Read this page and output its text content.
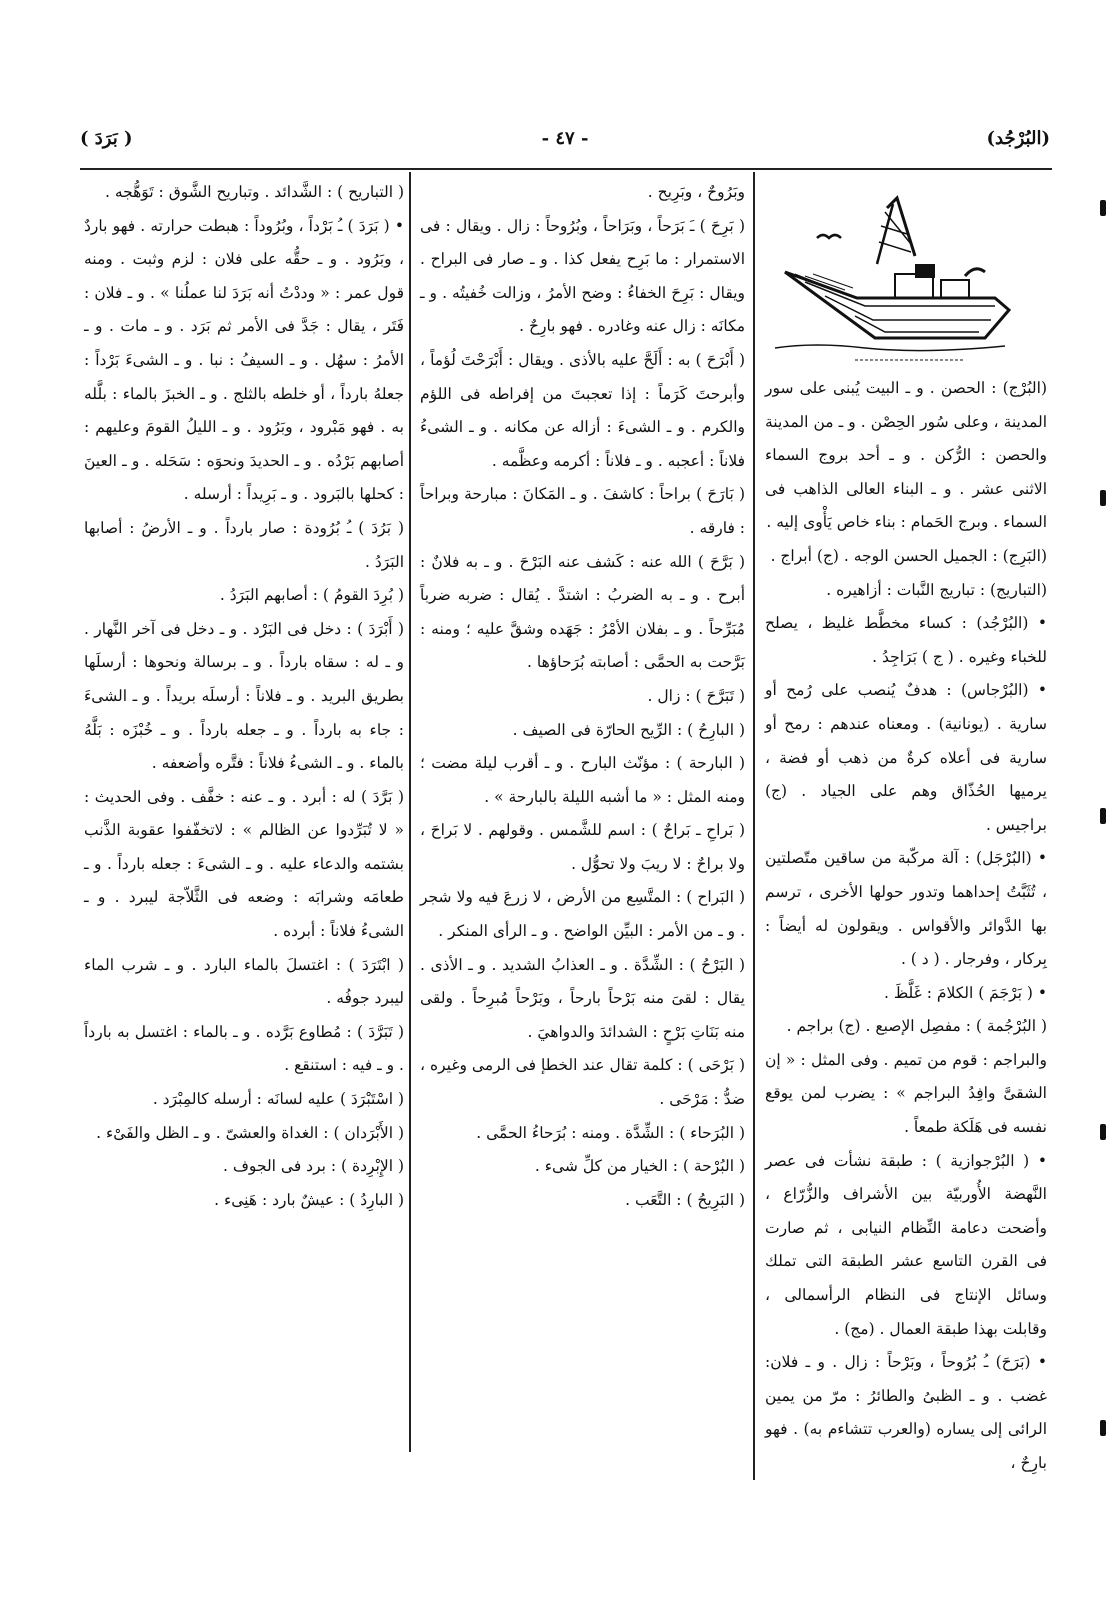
(البُرْجُد)
- ٤٧ -
( بَرَدَ )

(البُرْج) : الحصن . و ـ البيت يُبنى على سور المدينة ، وعلى سُور الحِصْن . و ـ من المدينة والحصن : الرُّكن . و ـ أحد بروج السماء الاثنى عشر . و ـ البناء العالى الذاهب فى السماء . وبرج الحَمام : بناء خاص يَأْوى إليه .

(البَرِج) : الجميل الحسن الوجه . (ج) أبراج .

(التباريج) : تباريج النَّبات : أزاهيره .

• (البُرْجُد) : كساء مخطَّط غليظ ، يصلح للخباء وغيره . ( ج ) بَرَاجِدُ .

• (البُرْجاس) : هدفٌ يُنصب على رُمح أو سارية . (يونانية) . ومعناه عندهم : رمح أو سارية فى أعلاه كرةٌ من ذهب أو فضة ، يرميها الحُذّاق وهم على الجياد . (ج) براجيس .

• (البُرْجَل) : آلة مركّبة من ساقين متّصلتين ، تُثَبَّتُ إحداهما وتدور حولها الأخرى ، ترسم بها الدَّوائر والأقواس . ويقولون له أيضاً : بِركار ، وفرجار . ( د ) .

• ( بَرْجَمَ ) الكلامَ : غَلَّظَ .

( البُرْجُمة ) : مفصِل الإصبع . (ج) براجم .

والبراجم : قوم من تميم . وفى المثل : « إن الشقىَّ وافِدُ البراجم » : يضرب لمن يوقع نفسه فى هَلَكة طمعاً .

• ( البُرْجوازية ) : طبقة نشأت فى عصر النَّهضة الأُوربيّة بين الأشراف والزُّرّاع ، وأضحت دعامة النِّظام النيابى ، ثم صارت فى القرن التاسع عشر الطبقة التى تملك وسائل الإنتاج فى النظام الرأسمالى ، وقابلت بهذا طبقة العمال . (مج) .

• (بَرَحَ) ـُ بُرُوحاً ، وبَرْحاً : زال . و ـ فلان: غضب . و ـ الظبىُ والطائرُ : مرّ من يمين الرائى إلى يساره (والعرب تتشاءم به) . فهو بارِحٌ ،

وبَرُوحٌ ، وبَرِيح .

( بَرِحَ ) ـَ بَرَحاً ، وبَرَاحاً ، وبُرُوحاً : زال . ويقال : فى الاستمرار : ما بَرِح يفعل كذا . و ـ صار فى البراح . ويقال : بَرِحَ الخفاءُ : وضح الأمرُ ، وزالت خُفيتُه . و ـ مكانَه : زال عنه وغادره . فهو بارِحٌ .

( أَبْرَحَ ) به : أَلَحَّ عليه بالأذى . ويقال : أَبْرَحْتَ لُؤماً ، وأبرحتَ كَرَماً : إذا تعجبتَ من إفراطه فى اللؤم والكرم . و ـ الشىءَ : أزاله عن مكانه . و ـ الشىءُ فلاناً : أعجبه . و ـ فلاناً : أكرمه وعظَّمه .

( بَارَحَ ) براحاً : كاشفَ . و ـ المَكانَ : مبارحة وبراحاً : فارقه .

( بَرَّحَ ) الله عنه : كَشف عنه البَرْحَ . و ـ به فلانٌ : أبرح . و ـ به الضربُ : اشتدَّ . يُقال : ضربه ضرباً مُبَرِّحاً . و ـ بفلان الأمْرُ : جَهَده وشقَّ عليه ؛ ومنه : بَرَّحت به الحمَّى : أصابته بُرَحاؤها .

( تَبَرَّحَ ) : زال .

( البارِحُ ) : الرِّيح الحارّة فى الصيف .

( البارحة ) : مؤنّث البارح . و ـ أقرب ليلة مضت ؛ ومنه المثل : « ما أشبه الليلة بالبارحة » .

( بَراحِ ـ بَراحٌ ) : اسم للشَّمس . وقولهم . لا بَراحَ ، ولا براحٌ : لا ريبَ ولا تحوُّل .

( البَراح ) : المتَّسِع من الأرض ، لا زرعَ فيه ولا شجر . و ـ من الأمر : البيِّن الواضح . و ـ الرأى المنكر .

( البَرْحُ ) : الشِّدَّة . و ـ العذابُ الشديد . و ـ الأذى . يقال : لقىَ منه بَرْحاً بارحاً ، وبَرْحاً مُبرِحاً . ولقى منه بَنَاتِ بَرْحٍ : الشدائدَ والدواهيَ .

( بَرْحَى ) : كلمة تقال عند الخطإ فى الرمى وغيره ، ضدُّ : مَرْحَى .

( البُرَحاء ) : الشِّدَّة . ومنه : بُرَحاءُ الحمَّى .

( البُرْحة ) : الخيار من كلِّ شىء .

( البَرِيحُ ) : التَّعَب .

( التباريح ) : الشَّدائد . وتباريح الشَّوق : تَوَهُّجه .

• ( بَرَدَ ) ـُ بَرْداً ، وبُرُوداً : هبطت حرارته . فهو باردٌ ، وبَرُود . و ـ حقُّه على فلان : لزم وثبت . ومنه قول عمر : « وددْتُ أنه بَرَدَ لنا عملُنا » . و ـ فلان : فَتَر ، يقال : جَدَّ فى الأمر ثم بَرَد . و ـ مات . و ـ الأمرُ : سهُل . و ـ السيفُ : نبا . و ـ الشىءَ بَرْداً : جعلهُ بارداً ، أو خلطه بالثلج . و ـ الخبزَ بالماء : بلَّله به . فهو مَبْرود ، وبَرُود . و ـ الليلُ القومَ وعليهم : أصابهم بَرْدُه . و ـ الحديدَ ونحوَه : سَحَله . و ـ العينَ : كحلها بالبَرود . و ـ بَرِيداً : أرسله .

( بَرُدَ ) ـُ بُرُودة : صار بارداً . و ـ الأرضُ : أصابها البَرَدُ .

( بُرِدَ القومُ ) : أصابهم البَرَدُ .

( أَبْرَدَ ) : دخل فى البَرْد . و ـ دخل فى آخر النَّهار . و ـ له : سقاه بارداً . و ـ برسالة ونحوها : أرسلَها بطريق البريد . و ـ فلاناً : أرسلَه بريداً . و ـ الشىءَ : جاء به بارداً . و ـ جعله بارداً . و ـ خُبْزَه : بَلَّهُ بالماء . و ـ الشىءُ فلاناً : فتَّره وأضعفه .

( بَرَّدَ ) له : أبرد . و ـ عنه : خفَّف . وفى الحديث : « لا تُبَرِّدوا عن الظالم » : لاتخفّفوا عقوبة الذَّنب بشتمه والدعاء عليه . و ـ الشىءَ : جعله بارداً . و ـ طعامَه وشرابَه : وضعه فى الثَّلاّجة ليبرد . و ـ الشىءُ فلاناً : أبرده .

( ابْتَرَدَ ) : اغتسلَ بالماء البارد . و ـ شرب الماء ليبرد جوفُه .

( تَبَرَّدَ ) : مُطاوع بَرَّده . و ـ بالماء : اغتسل به بارداً . و ـ فيه : استنقع .

( اسْتَبْرَدَ ) عليه لسانَه : أرسله كالمِبْرَد .

( الأَبْرَدان ) : الغداة والعشىّ . و ـ الظل والفَىْء .

( الإِبْرِدة ) : برد فى الجوف .

( البارِدُ ) : عيشٌ بارد : هَنِىء .
